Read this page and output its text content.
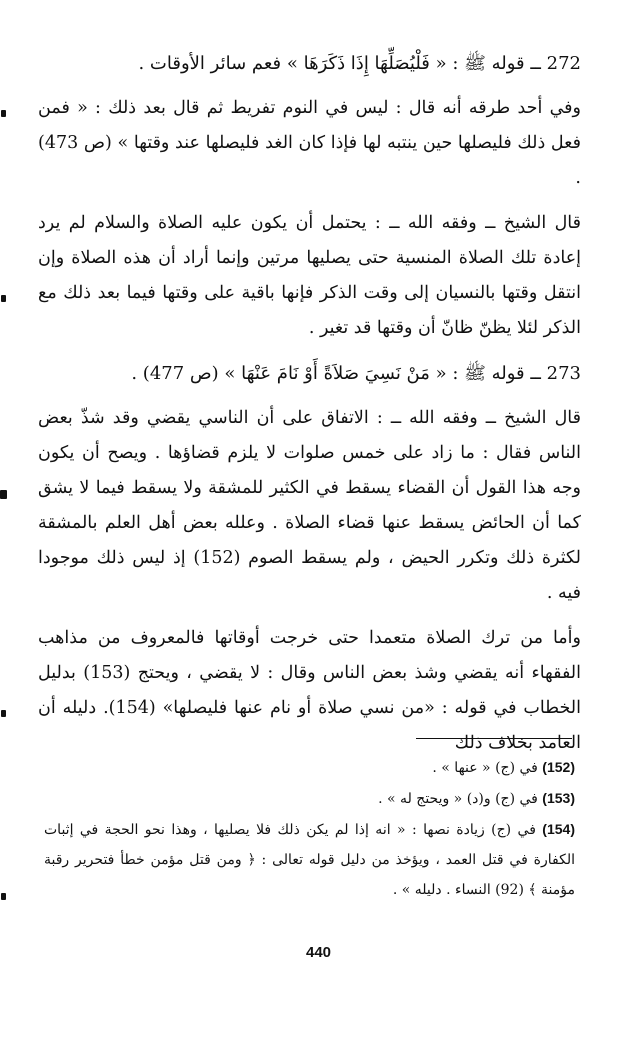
272 ــ قوله ﷺ : « فَلْيُصَلِّهَا إِذَا ذَكَرَهَا » فعم سائر الأوقات .

وفي أحد طرقه أنه قال : ليس في النوم تفريط ثم قال بعد ذلك : « فمن فعل ذلك فليصلها حين ينتبه لها فإذا كان الغد فليصلها عند وقتها » (ص 473) .

قال الشيخ ــ وفقه الله ــ : يحتمل أن يكون عليه الصلاة والسلام لم يرد إعادة تلك الصلاة المنسية حتى يصليها مرتين وإنما أراد أن هذه الصلاة وإن انتقل وقتها بالنسيان إلى وقت الذكر فإنها باقية على وقتها فيما بعد ذلك مع الذكر لئلا يظنّ ظانّ أن وقتها قد تغير .

273 ــ قوله ﷺ : « مَنْ نَسِيَ صَلاَةً أَوْ نَامَ عَنْهَا » (ص 477) .

قال الشيخ ــ وفقه الله ــ : الاتفاق على أن الناسي يقضي وقد شذّ بعض الناس فقال : ما زاد على خمس صلوات لا يلزم قضاؤها . ويصح أن يكون وجه هذا القول أن القضاء يسقط في الكثير للمشقة ولا يسقط فيما لا يشق كما أن الحائض يسقط عنها قضاء الصلاة . وعلله بعض أهل العلم بالمشقة لكثرة ذلك وتكرر الحيض ، ولم يسقط الصوم (152) إذ ليس ذلك موجودا فيه .

وأما من ترك الصلاة متعمدا حتى خرجت أوقاتها فالمعروف من مذاهب الفقهاء أنه يقضي وشذ بعض الناس وقال : لا يقضي ، ويحتج (153) بدليل الخطاب في قوله : «من نسي صلاة أو نام عنها فليصلها» (154). دليله أن العامد بخلاف ذلك

(152) في (ج) « عنها » .

(153) في (ج) و(د) « ويحتج له » .

(154) في (ج) زيادة نصها : « انه إذا لم يكن ذلك فلا يصليها ، وهذا نحو الحجة في إثبات الكفارة في قتل العمد ، ويؤخذ من دليل قوله تعالى : ﴿ ومن قتل مؤمن خطأ فتحرير رقبة مؤمنة ﴾ (92) النساء . دليله » .

440
